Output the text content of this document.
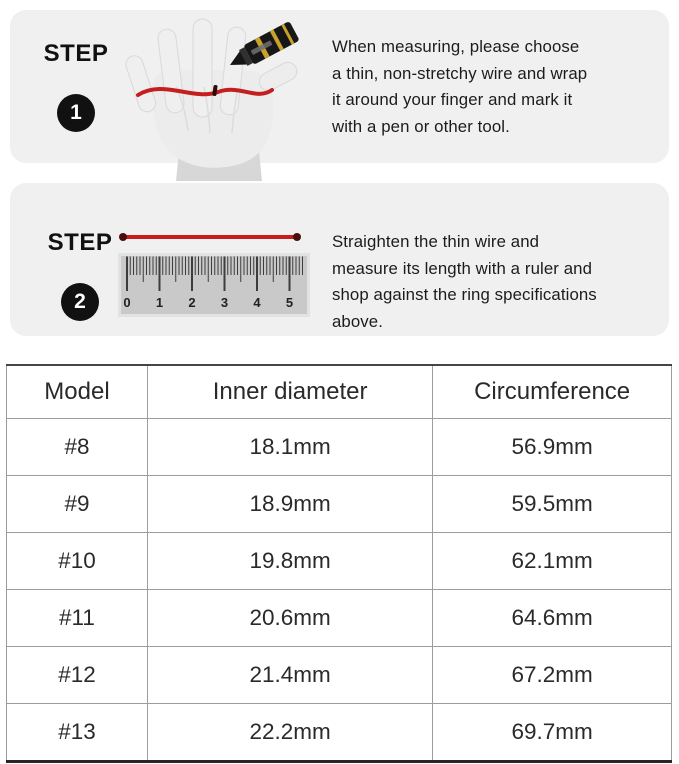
STEP
1
When measuring, please choose
a thin, non-stretchy wire and wrap
it around your finger and mark it
with a pen or other tool.
STEP
2	0 1 2 3 4 5
Straighten the thin wire and
measure its length with a ruler and
shop against the ring specifications
above.
Model	Inner diameter	Circumference
#8	18.1mm	56.9mm
#9	18.9mm	59.5mm
#10	19.8mm	62.1mm
#11	20.6mm	64.6mm
#12	21.4mm	67.2mm
#13	22.2mm	69.7mm
